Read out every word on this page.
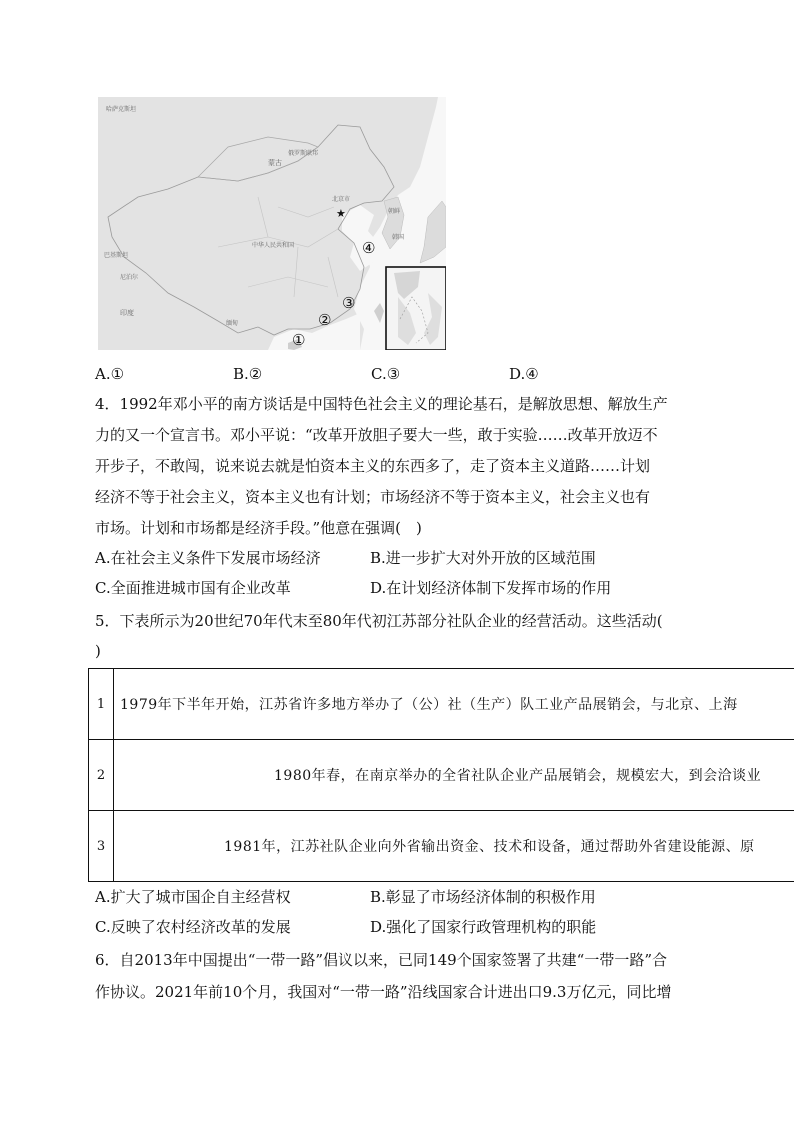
哈萨克斯坦
俄罗斯联邦
蒙古
北京市
★	朝鲜
韩国
中华人民共和国
巴基斯坦
尼泊尔
印度
缅甸
④
③
②
①
A.①	B.②	C.③	D.④
4．1992年邓小平的南方谈话是中国特色社会主义的理论基石，是解放思想、解放生产
力的又一个宣言书。邓小平说：“改革开放胆子要大一些，敢于实验……改革开放迈不
开步子，不敢闯，说来说去就是怕资本主义的东西多了，走了资本主义道路……计划
经济不等于社会主义，资本主义也有计划；市场经济不等于资本主义，社会主义也有
市场。计划和市场都是经济手段。”他意在强调(　)
A.在社会主义条件下发展市场经济	B.进一步扩大对外开放的区域范围
C.全面推进城市国有企业改革	D.在计划经济体制下发挥市场的作用
5．下表所示为20世纪70年代末至80年代初江苏部分社队企业的经营活动。这些活动(
)
1	1979年下半年开始，江苏省许多地方举办了（公）社（生产）队工业产品展销会，与北京、上海
2	1980年春，在南京举办的全省社队企业产品展销会，规模宏大，到会洽谈业
3	1981年，江苏社队企业向外省输出资金、技术和设备，通过帮助外省建设能源、原
A.扩大了城市国企自主经营权	B.彰显了市场经济体制的积极作用
C.反映了农村经济改革的发展	D.强化了国家行政管理机构的职能
6．自2013年中国提出“一带一路”倡议以来，已同149个国家签署了共建“一带一路”合
作协议。2021年前10个月，我国对“一带一路”沿线国家合计进出口9.3万亿元，同比增
